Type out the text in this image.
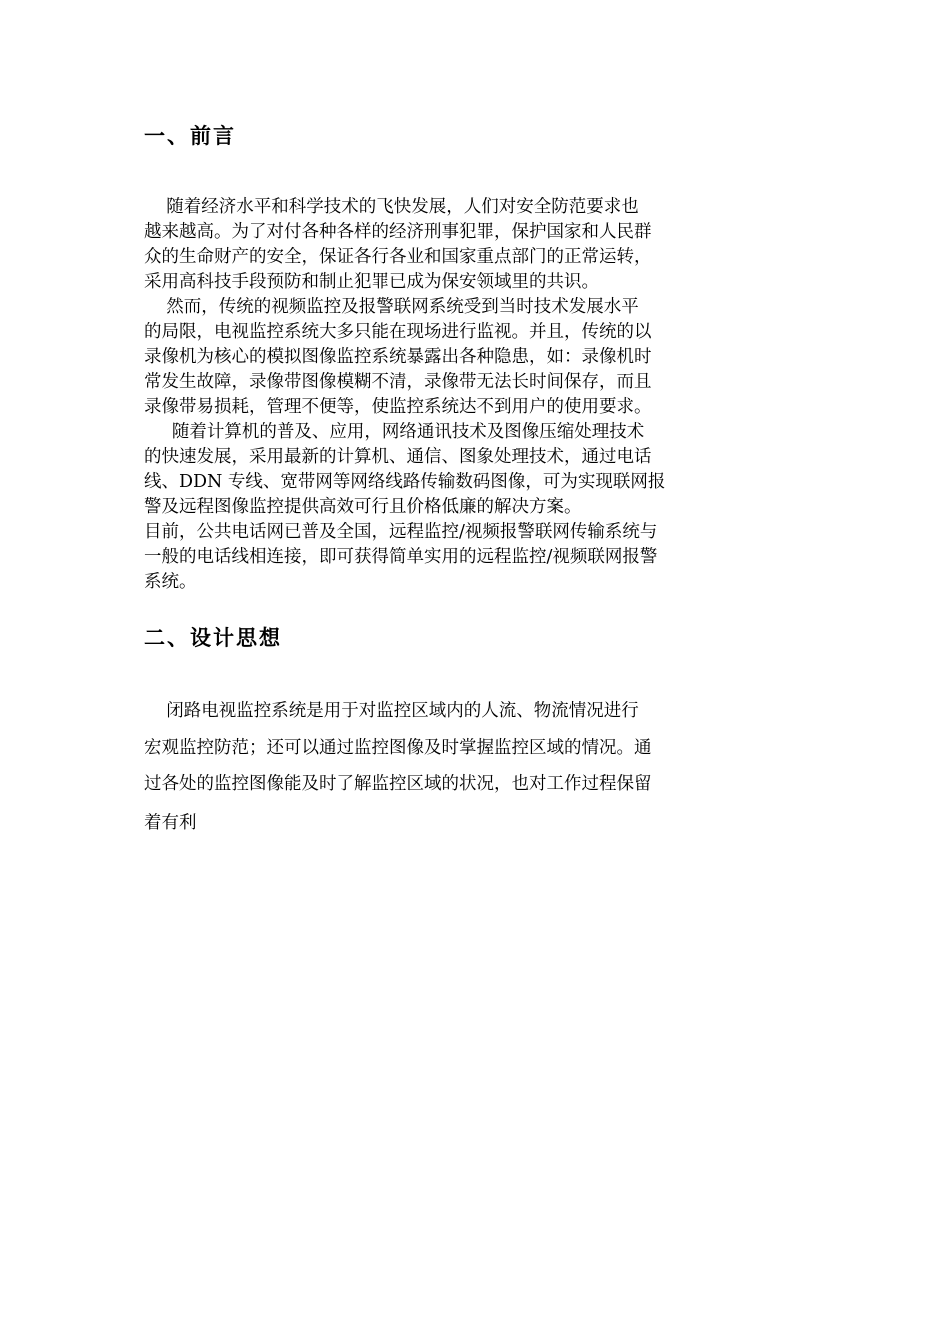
一、前言

随着经济水平和科学技术的飞快发展，人们对安全防范要求也

越来越高。为了对付各种各样的经济刑事犯罪，保护国家和人民群

众的生命财产的安全，保证各行各业和国家重点部门的正常运转，

采用高科技手段预防和制止犯罪已成为保安领域里的共识。

然而，传统的视频监控及报警联网系统受到当时技术发展水平

的局限，电视监控系统大多只能在现场进行监视。并且，传统的以

录像机为核心的模拟图像监控系统暴露出各种隐患，如：录像机时

常发生故障，录像带图像模糊不清，录像带无法长时间保存，而且

录像带易损耗，管理不便等，使监控系统达不到用户的使用要求。

随着计算机的普及、应用，网络通讯技术及图像压缩处理技术

的快速发展，采用最新的计算机、通信、图象处理技术，通过电话

线、DDN 专线、宽带网等网络线路传输数码图像，可为实现联网报

警及远程图像监控提供高效可行且价格低廉的解决方案。

目前，公共电话网已普及全国，远程监控/视频报警联网传输系统与

一般的电话线相连接，即可获得简单实用的远程监控/视频联网报警

系统。

二、设计思想

闭路电视监控系统是用于对监控区域内的人流、物流情况进行

宏观监控防范；还可以通过监控图像及时掌握监控区域的情况。通

过各处的监控图像能及时了解监控区域的状况，也对工作过程保留

着有利
